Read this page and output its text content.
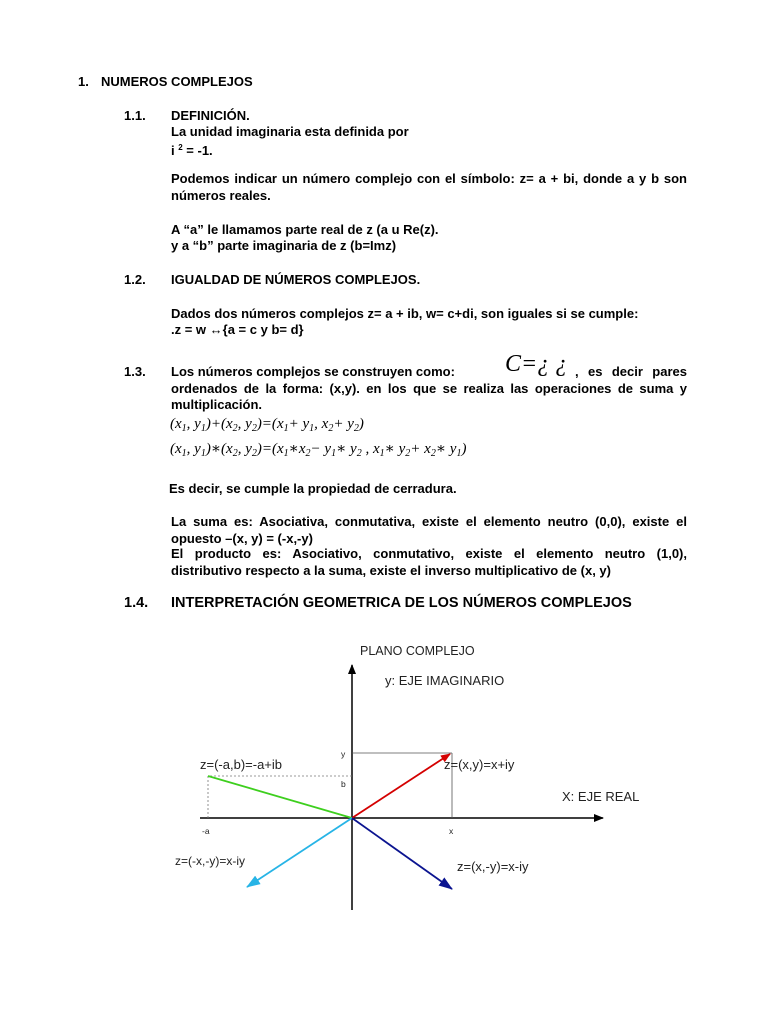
1. NUMEROS COMPLEJOS
1.1. DEFINICIÓN.
La unidad imaginaria esta definida por
i $^2$ = -1.
Podemos indicar un número complejo con el símbolo: z= a + bi, donde a y b son números reales.
A “a” le llamamos parte real de z (a u Re(z).
y a “b” parte imaginaria de z (b=Imz)
1.2. IGUALDAD DE NÚMEROS COMPLEJOS.
Dados dos números complejos z= a + ib, w= c+di, son iguales si se cumple:
.z = w ↔{a = c y b= d}
1.3. Los números complejos se construyen como: C=¿ ¿ , es decir pares ordenados de la forma: (x,y). en los que se realiza las operaciones de suma y multiplicación.
($x_1$, $y_1)+(x_2$, $y_2)=(x_1+ y_1$, $x_2+ y_2$)
($x_1$, $y_1)∗(x_2$, $y_2)=(x_1∗x_2-$ $y_1∗$ $y_2$ , $x_1∗$ $y_2+$ $x_2∗$ $y_1$)
Es decir, se cumple la propiedad de cerradura.
La suma es: Asociativa, conmutativa, existe el elemento neutro (0,0), existe el opuesto –(x, y) = (-x,-y)
El producto es: Asociativo, conmutativo, existe el elemento neutro (1,0), distributivo respecto a la suma, existe el inverso multiplicativo de (x, y)
1.4. INTERPRETACIÓN GEOMETRICA DE LOS NÚMEROS COMPLEJOS
PLANO COMPLEJO
y: EJE IMAGINARIO
X: EJE REAL
z=(x,y)=x+iy
z=(-a,b)=-a+ib
z=(-x,-y)=x-iy	z=(x,-y)=x-iy
y
b
-a	x
